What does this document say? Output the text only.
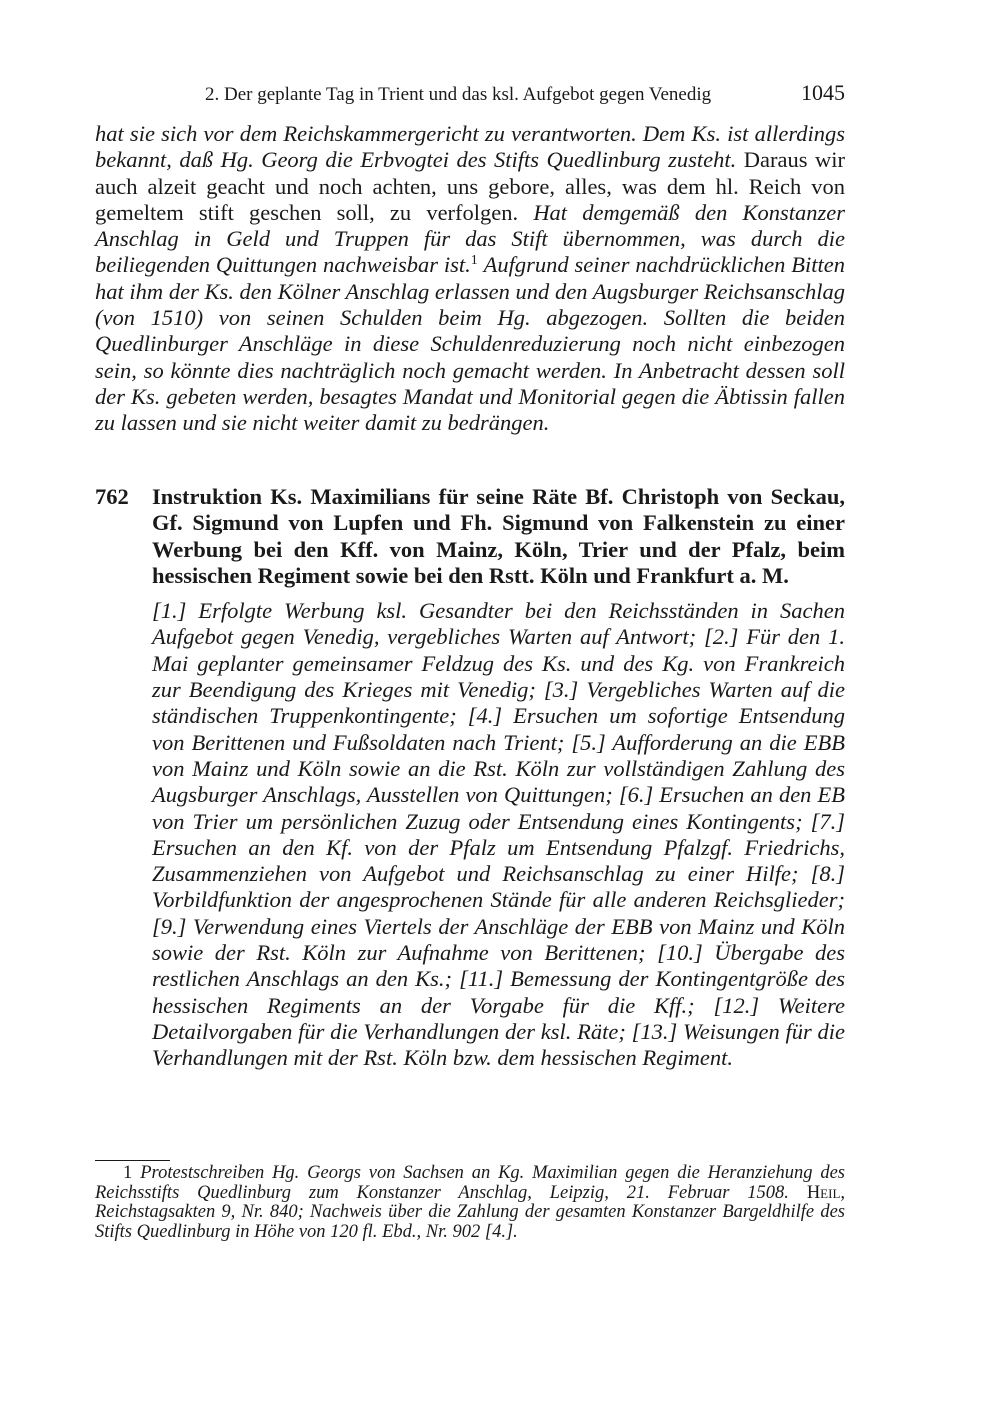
2. Der geplante Tag in Trient und das ksl. Aufgebot gegen Venedig	1045
hat sie sich vor dem Reichskammergericht zu verantworten. Dem Ks. ist allerdings bekannt, daß Hg. Georg die Erbvogtei des Stifts Quedlinburg zusteht. Daraus wir auch alzeit geacht und noch achten, uns gebore, alles, was dem hl. Reich von gemeltem stift geschen soll, zu verfolgen. Hat demgemäß den Konstanzer Anschlag in Geld und Truppen für das Stift übernommen, was durch die beiliegenden Quittungen nachweisbar ist.$^1$ Aufgrund seiner nachdrücklichen Bitten hat ihm der Ks. den Kölner Anschlag erlassen und den Augsburger Reichsanschlag (von 1510) von seinen Schulden beim Hg. abgezogen. Sollten die beiden Quedlinburger Anschläge in diese Schuldenreduzierung noch nicht einbezogen sein, so könnte dies nachträglich noch gemacht werden. In Anbetracht dessen soll der Ks. gebeten werden, besagtes Mandat und Monitorial gegen die Äbtissin fallen zu lassen und sie nicht weiter damit zu bedrängen.
762 Instruktion Ks. Maximilians für seine Räte Bf. Christoph von Seckau, Gf. Sigmund von Lupfen und Fh. Sigmund von Falkenstein zu einer Werbung bei den Kff. von Mainz, Köln, Trier und der Pfalz, beim hessischen Regiment sowie bei den Rstt. Köln und Frankfurt a. M.
[1.] Erfolgte Werbung ksl. Gesandter bei den Reichsständen in Sachen Aufgebot gegen Venedig, vergebliches Warten auf Antwort; [2.] Für den 1. Mai geplanter gemeinsamer Feldzug des Ks. und des Kg. von Frankreich zur Beendigung des Krieges mit Venedig; [3.] Vergebliches Warten auf die ständischen Truppenkontingente; [4.] Ersuchen um sofortige Entsendung von Berittenen und Fußsoldaten nach Trient; [5.] Aufforderung an die EBB von Mainz und Köln sowie an die Rst. Köln zur vollständigen Zahlung des Augsburger Anschlags, Ausstellen von Quittungen; [6.] Ersuchen an den EB von Trier um persönlichen Zuzug oder Entsendung eines Kontingents; [7.] Ersuchen an den Kf. von der Pfalz um Entsendung Pfalzgf. Friedrichs, Zusammenziehen von Aufgebot und Reichsanschlag zu einer Hilfe; [8.] Vorbildfunktion der angesprochenen Stände für alle anderen Reichsglieder; [9.] Verwendung eines Viertels der Anschläge der EBB von Mainz und Köln sowie der Rst. Köln zur Aufnahme von Berittenen; [10.] Übergabe des restlichen Anschlags an den Ks.; [11.] Bemessung der Kontingentgröße des hessischen Regiments an der Vorgabe für die Kff.; [12.] Weitere Detailvorgaben für die Verhandlungen der ksl. Räte; [13.] Weisungen für die Verhandlungen mit der Rst. Köln bzw. dem hessischen Regiment.
1 Protestschreiben Hg. Georgs von Sachsen an Kg. Maximilian gegen die Heranziehung des Reichsstifts Quedlinburg zum Konstanzer Anschlag, Leipzig, 21. Februar 1508. Heil, Reichstagsakten 9, Nr. 840; Nachweis über die Zahlung der gesamten Konstanzer Bargeldhilfe des Stifts Quedlinburg in Höhe von 120 fl. Ebd., Nr. 902 [4.].
